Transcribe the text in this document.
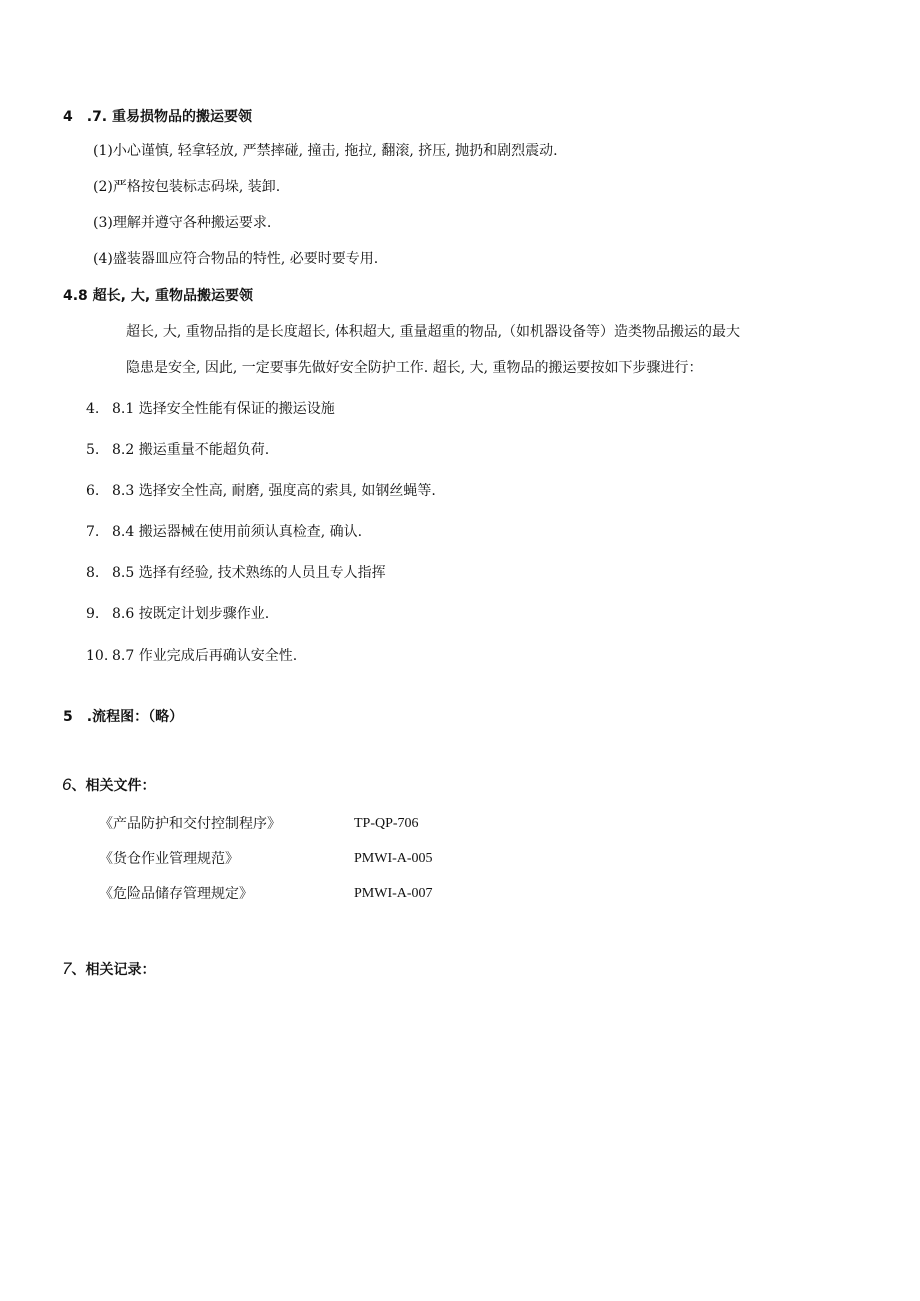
4 .7. 重易损物品的搬运要领
(1)小心谨慎, 轻拿轻放, 严禁摔碰, 撞击, 拖拉, 翻滚, 挤压, 抛扔和剧烈震动.
(2)严格按包装标志码垛, 装卸.
(3)理解并遵守各种搬运要求.
(4)盛装器皿应符合物品的特性, 必要时要专用.
4.8 超长, 大, 重物品搬运要领
超长, 大, 重物品指的是长度超长, 体积超大, 重量超重的物品,（如机器设备等）造类物品搬运的最大
隐患是安全, 因此, 一定要事先做好安全防护工作. 超长, 大, 重物品的搬运要按如下步骤进行：
4. 8.1 选择安全性能有保证的搬运设施
5. 8.2 搬运重量不能超负荷.
6. 8.3 选择安全性高, 耐磨, 强度高的索具, 如钢丝蝇等.
7. 8.4 搬运器械在使用前须认真检查, 确认.
8. 8.5 选择有经验, 技术熟练的人员且专人指挥
9. 8.6 按既定计划步骤作业.
10. 8.7 作业完成后再确认安全性.
5 .流程图：（略）
6、相关文件：
《产品防护和交付控制程序》	TP-QP-706
《货仓作业管理规范》	PMWI-A-005
《危险品储存管理规定》	PMWI-A-007
7、相关记录：
